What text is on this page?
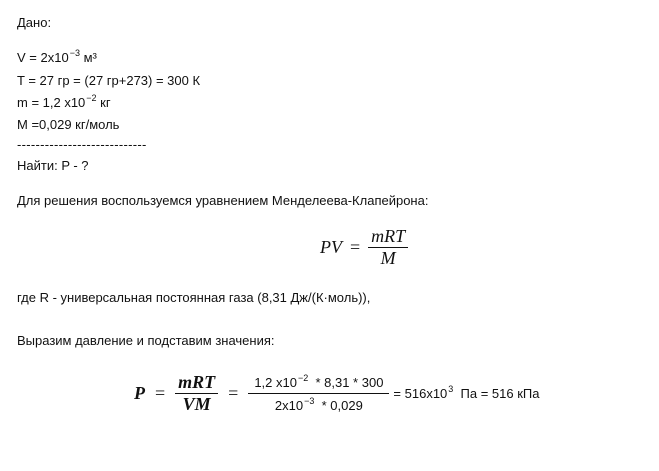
Дано:
$V = 2x10^{-3}$ м³
T = 27 гр = (27 гр+273) = 300 К
m = 1,2 $x10^{-2}$ кг
M =0,029 кг/моль
----------------------------
Найти: P - ?
Для решения воспользуемся уравнением Менделеева-Клапейрона:
PV = $\frac{\text{mRT}}{M}$
где R - универсальная постоянная газа (8,31 Дж/(К·моль)),
Выразим давление и подставим значения:
$P = \frac{\text{mRT}}{VM} = \frac{1,2 x10^{-2} * 8,31 * 300}{2x10^{-3} * 0,029} = 516x10^3$  Па = 516 кПа
